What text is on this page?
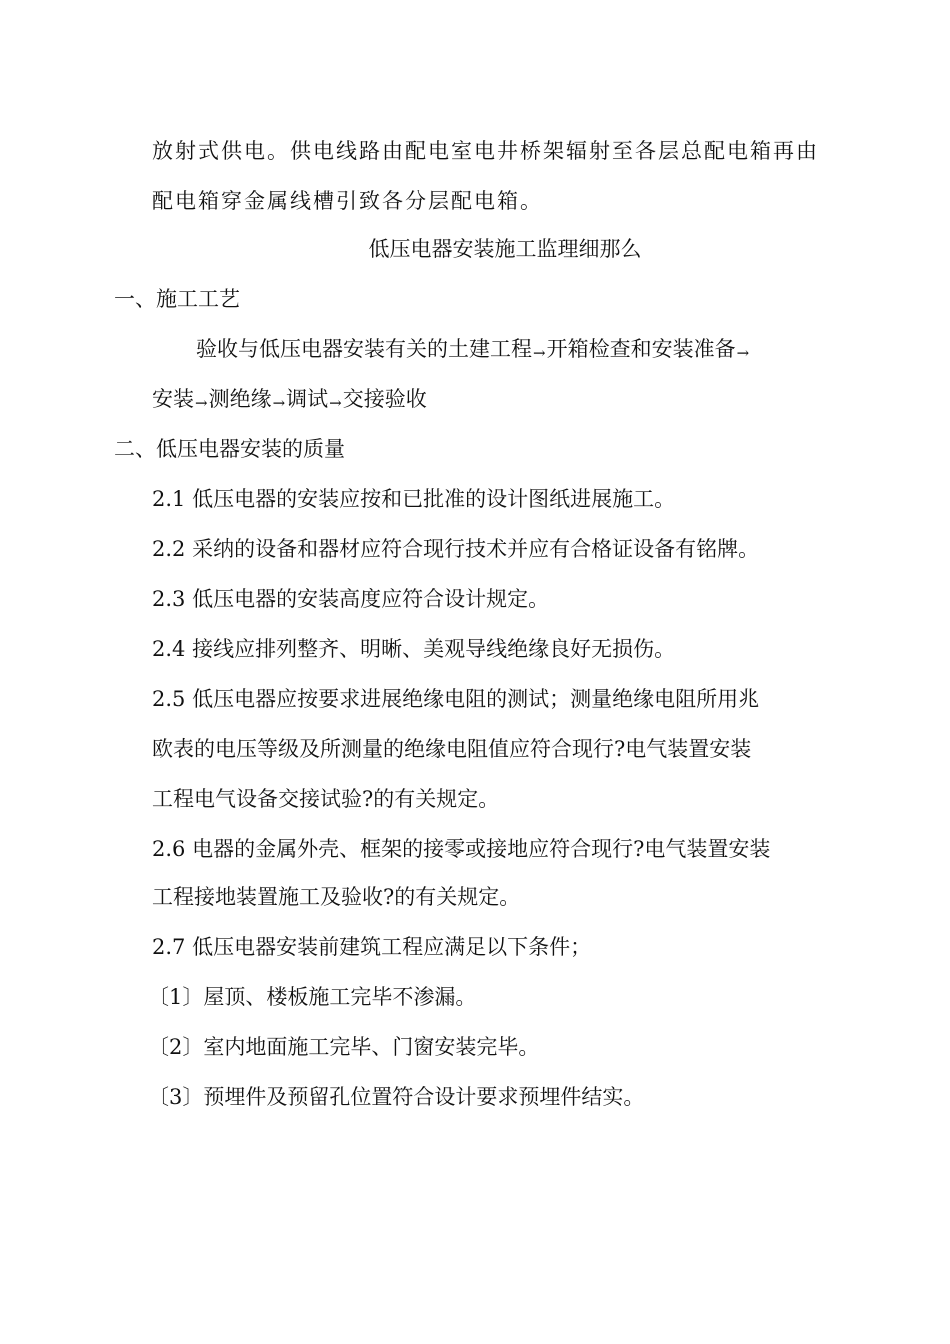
放射式供电。供电线路由配电室电井桥架辐射至各层总配电箱再由
配电箱穿金属线槽引致各分层配电箱。
低压电器安装施工监理细那么
一、施工工艺
验收与低压电器安装有关的土建工程→开箱检查和安装准备→
安装→测绝缘→调试→交接验收
二、低压电器安装的质量
2.1 低压电器的安装应按和已批准的设计图纸进展施工。
2.2 采纳的设备和器材应符合现行技术并应有合格证设备有铭牌。
2.3 低压电器的安装高度应符合设计规定。
2.4 接线应排列整齐、明晰、美观导线绝缘良好无损伤。
2.5 低压电器应按要求进展绝缘电阻的测试；测量绝缘电阻所用兆
欧表的电压等级及所测量的绝缘电阻值应符合现行?电气装置安装
工程电气设备交接试验?的有关规定。
2.6 电器的金属外壳、框架的接零或接地应符合现行?电气装置安装
工程接地装置施工及验收?的有关规定。
2.7 低压电器安装前建筑工程应满足以下条件；
〔1〕屋顶、楼板施工完毕不渗漏。
〔2〕室内地面施工完毕、门窗安装完毕。
〔3〕预埋件及预留孔位置符合设计要求预埋件结实。
